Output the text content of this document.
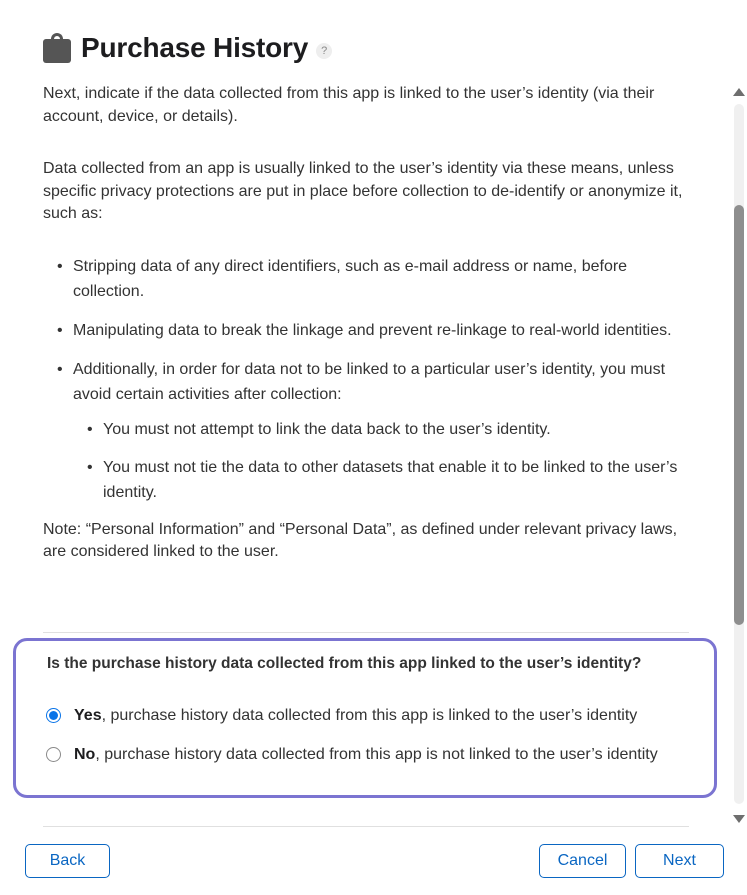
Purchase History	?

Next, indicate if the data collected from this app is linked to the user’s identity (via their account, device, or details).

Data collected from an app is usually linked to the user’s identity via these means, unless specific privacy protections are put in place before collection to de-identify or anonymize it, such as:

• Stripping data of any direct identifiers, such as e-mail address or name, before collection.
• Manipulating data to break the linkage and prevent re-linkage to real-world identities.
• Additionally, in order for data not to be linked to a particular user’s identity, you must avoid certain activities after collection:
• You must not attempt to link the data back to the user’s identity.
• You must not tie the data to other datasets that enable it to be linked to the user’s identity.

Note: “Personal Information” and “Personal Data”, as defined under relevant privacy laws, are considered linked to the user.

Is the purchase history data collected from this app linked to the user’s identity?
Yes, purchase history data collected from this app is linked to the user’s identity
No, purchase history data collected from this app is not linked to the user’s identity
Back	Cancel	Next
